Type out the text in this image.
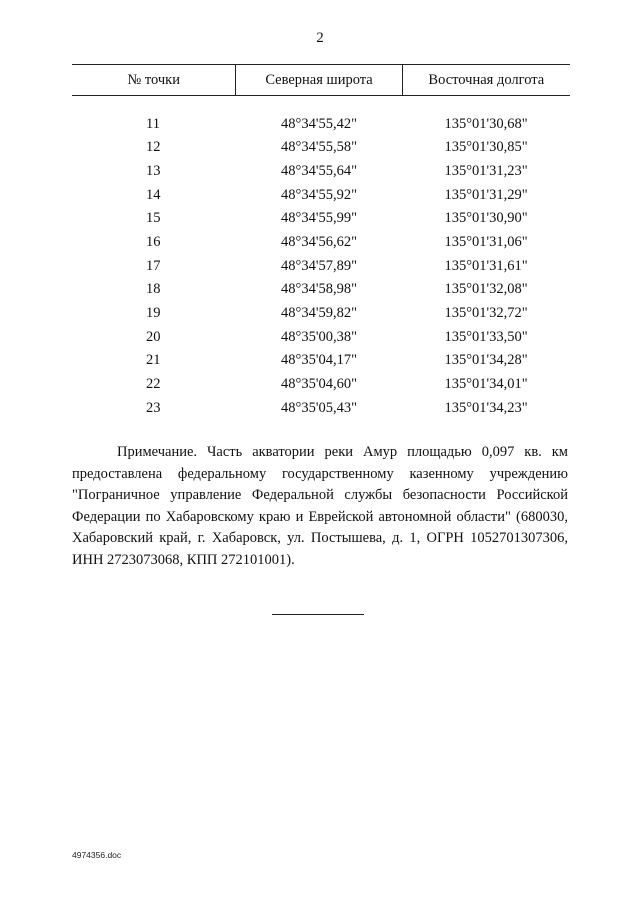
2
№ точки	Северная широта	Восточная долгота
11	48°34'55,42"	135°01'30,68"
12	48°34'55,58"	135°01'30,85"
13	48°34'55,64"	135°01'31,23"
14	48°34'55,92"	135°01'31,29"
15	48°34'55,99"	135°01'30,90"
16	48°34'56,62"	135°01'31,06"
17	48°34'57,89"	135°01'31,61"
18	48°34'58,98"	135°01'32,08"
19	48°34'59,82"	135°01'32,72"
20	48°35'00,38"	135°01'33,50"
21	48°35'04,17"	135°01'34,28"
22	48°35'04,60"	135°01'34,01"
23	48°35'05,43"	135°01'34,23"

Примечание. Часть акватории реки Амур площадью 0,097 кв. км предоставлена федеральному государственному казенному учреждению "Пограничное управление Федеральной службы безопасности Российской Федерации по Хабаровскому краю и Еврейской автономной области" (680030, Хабаровский край, г. Хабаровск, ул. Постышева, д. 1, ОГРН 1052701307306, ИНН 2723073068, КПП 272101001).

4974356.doc
